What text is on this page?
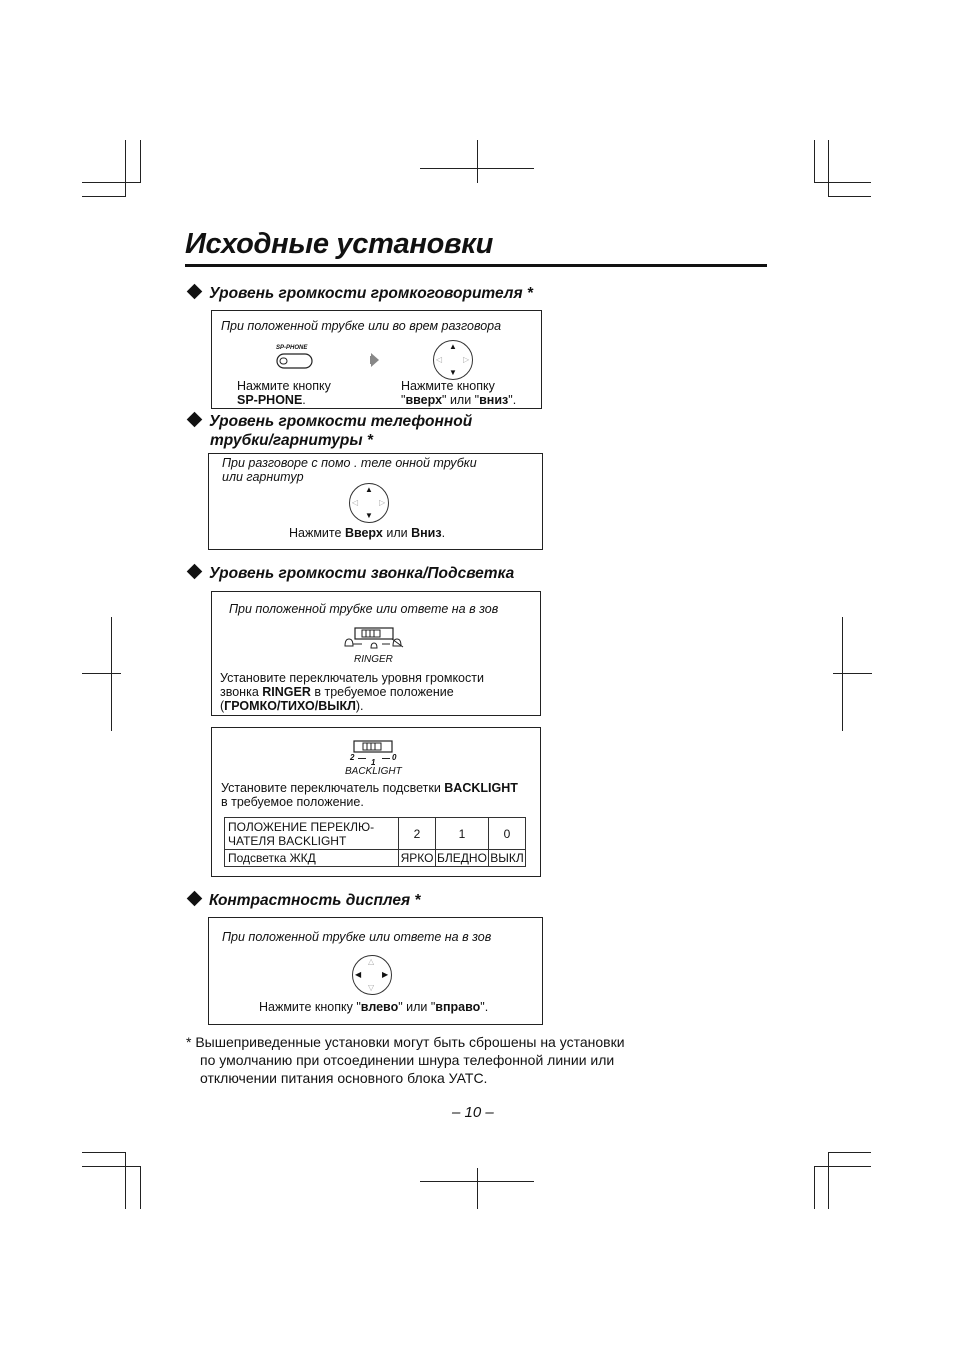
Исходные установки
Уровень громкости громкоговорителя *
При положенной трубке или во врем разговора
SP-PHONE	▲
▼
◁	▷
Нажмите кнопку
SP-PHONE.
Нажмите кнопку
"вверх" или "вниз".
Уровень громкости телефонной
трубки/гарнитуры *
При разговоре с помо . теле онной трубки
или гарнитур
▲
▼
◁	▷
Нажмите Вверх или Вниз.
Уровень громкости звонка/Подсветка
При положенной трубке или ответе на в зов
RINGER
Установите переключатель уровня громкости
звонка RINGER в требуемое положение
(ГРОМКО/ТИХО/ВЫКЛ).
2
1
0
BACKLIGHT
Установите переключатель подсветки BACKLIGHT
в требуемое положение.
ПОЛОЖЕНИЕ ПЕРЕКЛЮ-
ЧАТЕЛЯ BACKLIGHT	2	1	0
Подсветка ЖКД	ЯРКО	БЛЕДНО	ВЫКЛ
Контрастность дисплея *
При положенной трубке или ответе на в зов
△
▽
◀	▶
Нажмите кнопку "влево" или "вправо".
* Вышеприведенные установки могут быть сброшены на установки
по умолчанию при отсоединении шнура телефонной линии или
отключении питания основного блока УАТС.
– 10 –
